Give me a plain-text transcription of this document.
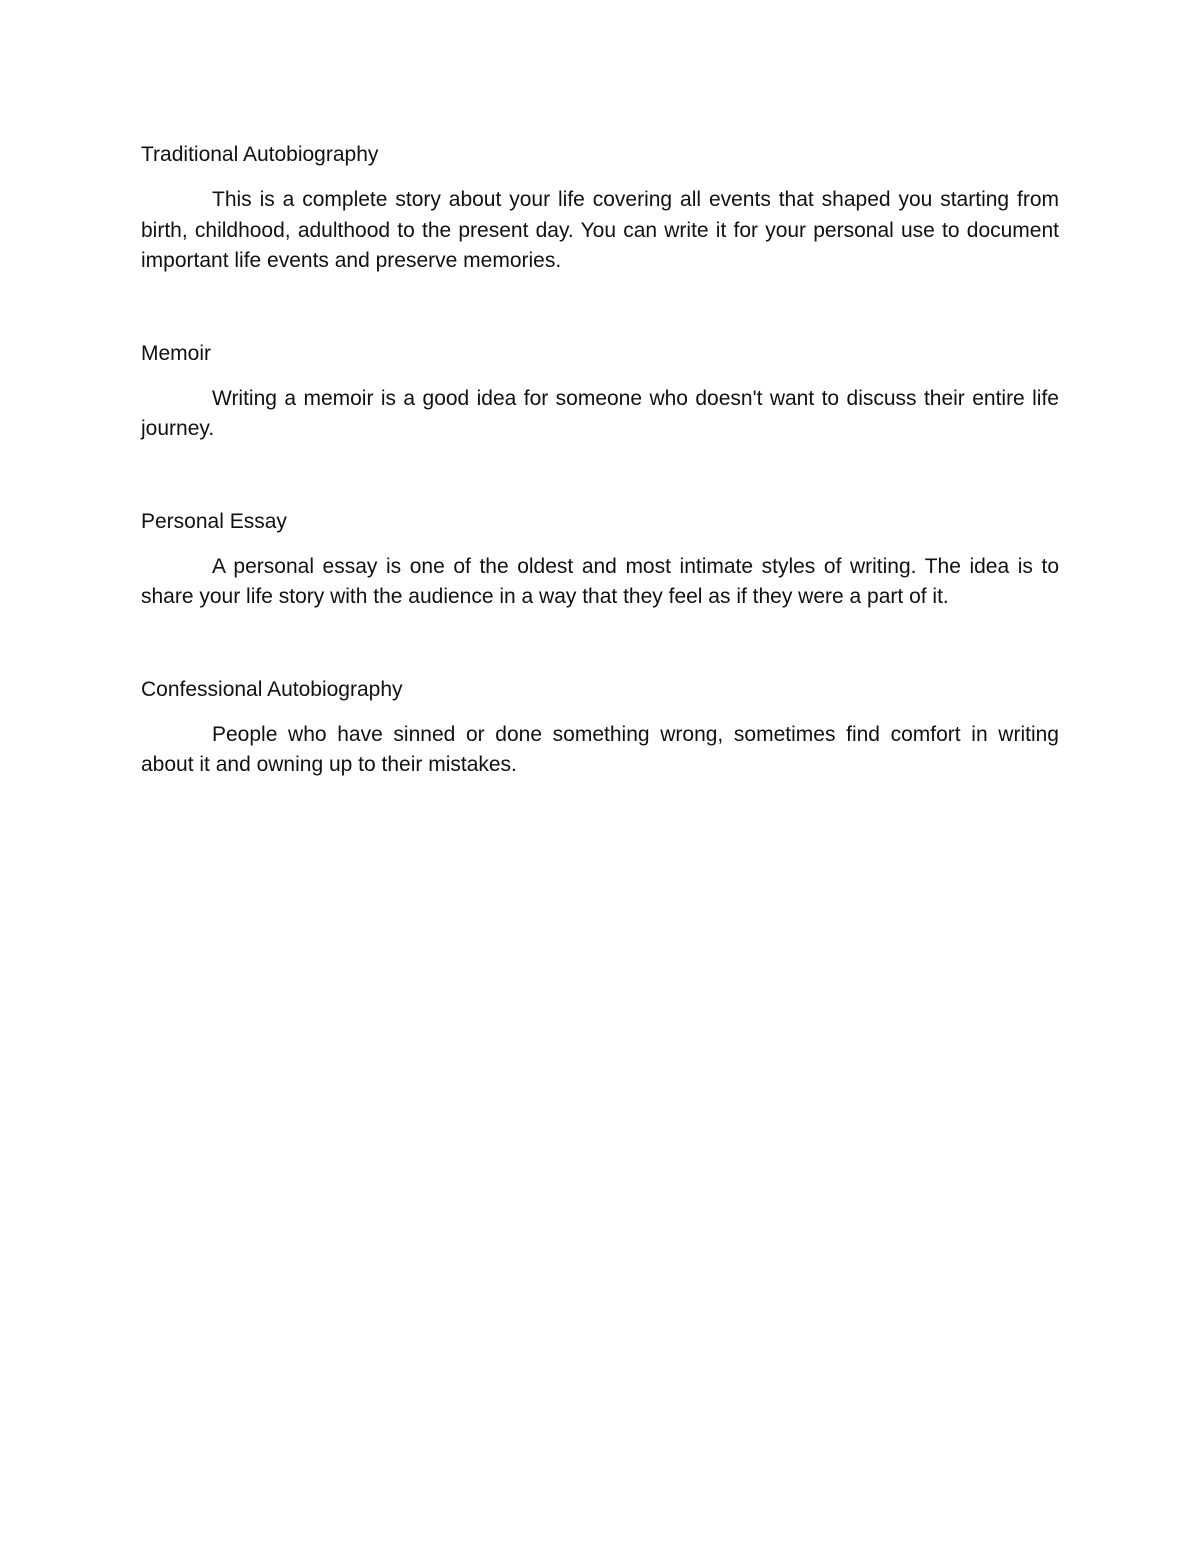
Traditional Autobiography

This is a complete story about your life covering all events that shaped you starting from birth, childhood, adulthood to the present day. You can write it for your personal use to document important life events and preserve memories.

Memoir

Writing a memoir is a good idea for someone who doesn't want to discuss their entire life journey.

Personal Essay

A personal essay is one of the oldest and most intimate styles of writing. The idea is to share your life story with the audience in a way that they feel as if they were a part of it.

Confessional Autobiography

People who have sinned or done something wrong, sometimes find comfort in writing about it and owning up to their mistakes.
